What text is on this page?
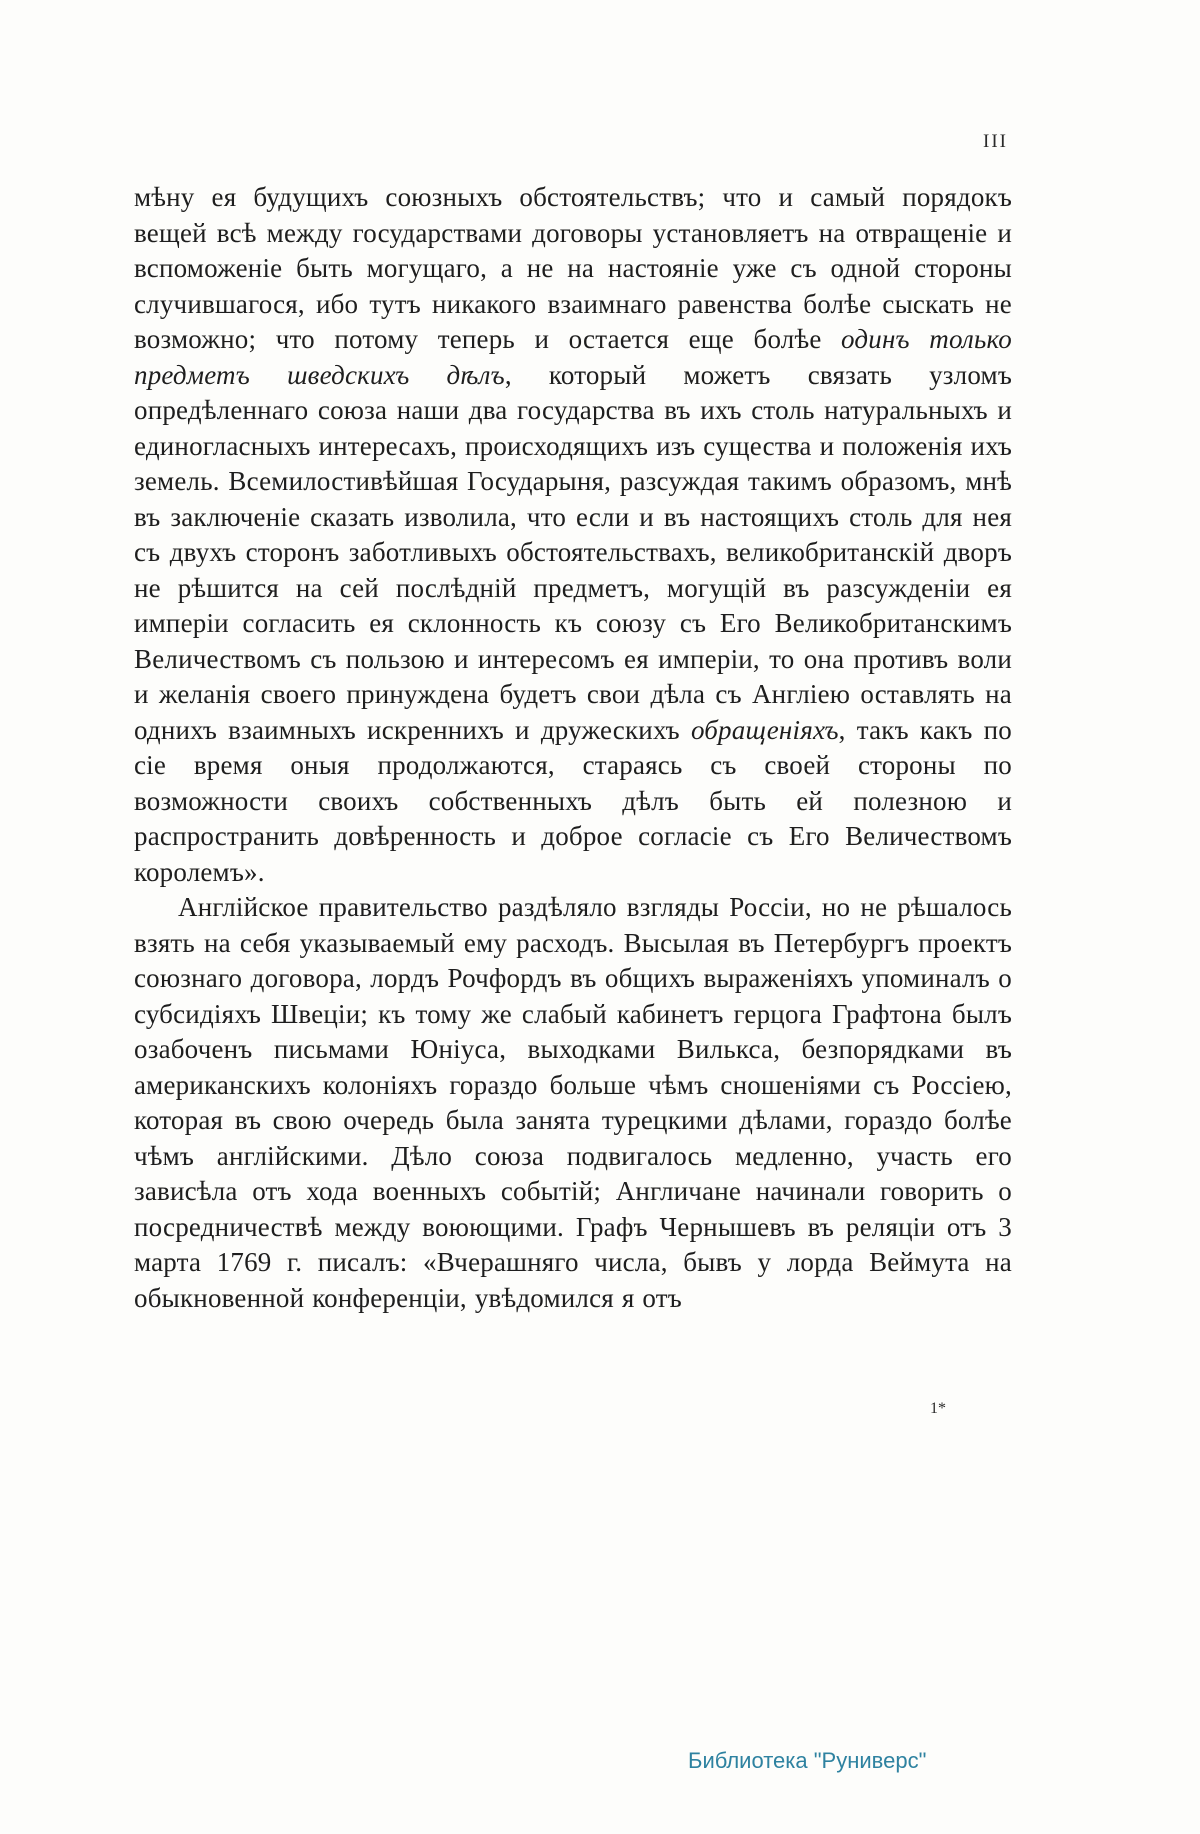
III

мѣну ея будущихъ союзныхъ обстоятельствъ; что и самый порядокъ вещей всѣ между государствами договоры установляетъ на отвращеніе и вспоможеніе быть могущаго, а не на настояніе уже съ одной стороны случившагося, ибо тутъ никакого взаимнаго равенства болѣе сыскать не возможно; что потому теперь и остается еще болѣе одинъ только предметъ шведскихъ дѣлъ, который можетъ связать узломъ опредѣленнаго союза наши два государства въ ихъ столь натуральныхъ и единогласныхъ интересахъ, происходящихъ изъ существа и положенія ихъ земель. Всемилостивѣйшая Государыня, разсуждая такимъ образомъ, мнѣ въ заключеніе сказать изволила, что если и въ настоящихъ столь для нея съ двухъ сторонъ заботливыхъ обстоятельствахъ, великобританскій дворъ не рѣшится на сей послѣдній предметъ, могущій въ разсужденіи ея имперіи согласить ея склонность къ союзу съ Его Великобританскимъ Величествомъ съ пользою и интересомъ ея имперіи, то она противъ воли и желанія своего принуждена будетъ свои дѣла съ Англіею оставлять на однихъ взаимныхъ искреннихъ и дружескихъ обращеніяхъ, такъ какъ по сіе время оныя продолжаются, стараясь съ своей стороны по возможности своихъ собственныхъ дѣлъ быть ей полезною и распространить довѣренность и доброе согласіе съ Его Величествомъ королемъ».

Англійское правительство раздѣляло взгляды Россіи, но не рѣшалось взять на себя указываемый ему расходъ. Высылая въ Петербургъ проектъ союзнаго договора, лордъ Рочфордъ въ общихъ выраженіяхъ упоминалъ о субсидіяхъ Швеціи; къ тому же слабый кабинетъ герцога Графтона былъ озабоченъ письмами Юніуса, выходками Вилькса, безпорядками въ американскихъ колоніяхъ гораздо больше чѣмъ сношеніями съ Россіею, которая въ свою очередь была занята турецкими дѣлами, гораздо болѣе чѣмъ англійскими. Дѣло союза подвигалось медленно, участь его зависѣла отъ хода военныхъ событій; Англичане начинали говорить о посредничествѣ между воюющими. Графъ Чернышевъ въ реляціи отъ 3 марта 1769 г. писалъ: «Вчерашняго числа, бывъ у лорда Веймута на обыкновенной конференціи, увѣдомился я отъ

1*
Библиотека "Руниверс"
